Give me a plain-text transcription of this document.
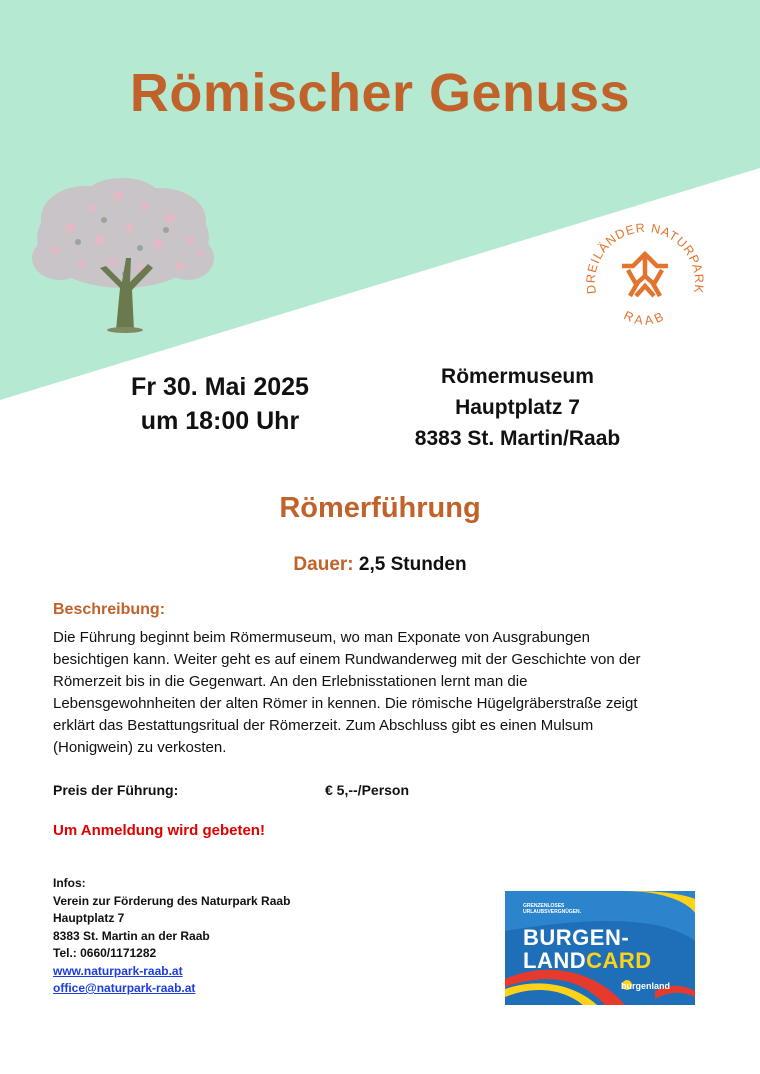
Römischer Genuss
DREILÄNDER NATURPARK
RAAB
Fr 30. Mai 2025
um 18:00 Uhr
Römermuseum
Hauptplatz 7
8383 St. Martin/Raab
Römerführung
Dauer: 2,5 Stunden
Beschreibung:
Die Führung beginnt beim Römermuseum, wo man Exponate von Ausgrabungen
besichtigen kann. Weiter geht es auf einem Rundwanderweg mit der Geschichte von der
Römerzeit bis in die Gegenwart. An den Erlebnisstationen lernt man die
Lebensgewohnheiten der alten Römer in kennen. Die römische Hügelgräberstraße zeigt
erklärt das Bestattungsritual der Römerzeit. Zum Abschluss gibt es einen Mulsum
(Honigwein) zu verkosten.
Preis der Führung:	€ 5,--/Person
Um Anmeldung wird gebeten!
Infos:
Verein zur Förderung des Naturpark Raab
Hauptplatz 7
8383 St. Martin an der Raab
Tel.: 0660/1171282
www.naturpark-raab.at
office@naturpark-raab.at
GRENZENLOSES
URLAUBSVERGNÜGEN.
BURGEN-
LANDCARD
burgenland
